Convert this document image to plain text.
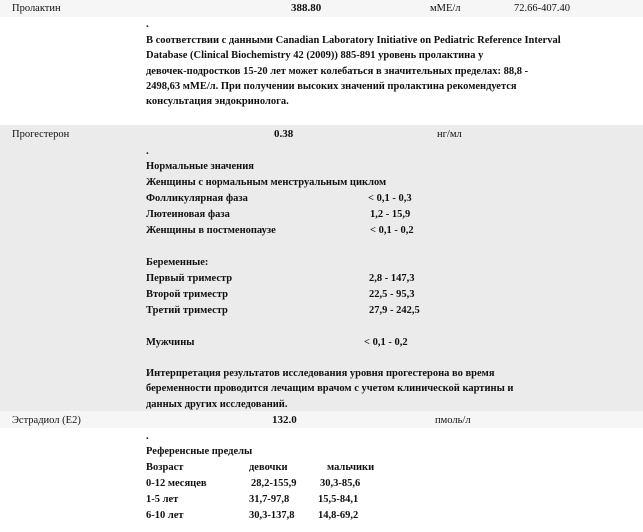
Пролактин	388.80	мМЕ/л	72.66-407.40
.
В соответствии с данными Canadian Laboratory Initiative on Pediatric Reference Interval
Database (Clinical Biochemistry 42 (2009)) 885-891 уровень пролактина у
девочек-подростков 15-20 лет может колебаться в значительных пределах: 88,8 -
2498,63 мМЕ/л. При получении высоких значений пролактина рекомендуется
консультация эндокринолога.
Прогестерон	0.38	нг/мл
.
Нормальные значения
Женщины с нормальным менструальным циклом
Фолликулярная фаза	< 0,1 - 0,3
Лютеиновая фаза	1,2 - 15,9
Женщины в постменопаузе	< 0,1 - 0,2
Беременные:
Первый триместр	2,8 - 147,3
Второй триместр	22,5 - 95,3
Третий триместр	27,9 - 242,5
Мужчины	< 0,1 - 0,2
Интерпретация результатов исследования уровня прогестерона во время
беременности проводится лечащим врачом с учетом клинической картины и
данных других исследований.
Эстрадиол (Е2)	132.0	пмоль/л
.
Референсные пределы
Возраст	девочки	мальчики
0-12 месяцев	28,2-155,9 30,3-85,6
1-5 лет	31,7-97,8	15,5-84,1
6-10 лет	30,3-137,8 14,8-69,2
